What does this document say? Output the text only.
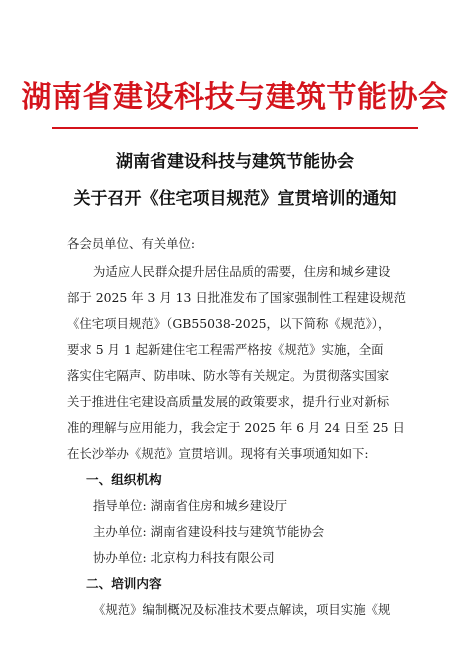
湖南省建设科技与建筑节能协会
湖南省建设科技与建筑节能协会
关于召开《住宅项目规范》宣贯培训的通知
各会员单位、有关单位:
为适应人民群众提升居住品质的需要，住房和城乡建设
部于 2025 年 3 月 13 日批准发布了国家强制性工程建设规范
《住宅项目规范》（GB55038-2025，以下简称《规范》），
要求 5 月 1 起新建住宅工程需严格按《规范》实施，全面
落实住宅隔声、防串味、防水等有关规定。为贯彻落实国家
关于推进住宅建设高质量发展的政策要求，提升行业对新标
准的理解与应用能力，我会定于 2025 年 6 月 24 日至 25 日
在长沙举办《规范》宣贯培训。现将有关事项通知如下:
一、组织机构
指导单位: 湖南省住房和城乡建设厅
主办单位: 湖南省建设科技与建筑节能协会
协办单位: 北京构力科技有限公司
二、培训内容
《规范》编制概况及标准技术要点解读，项目实施《规
